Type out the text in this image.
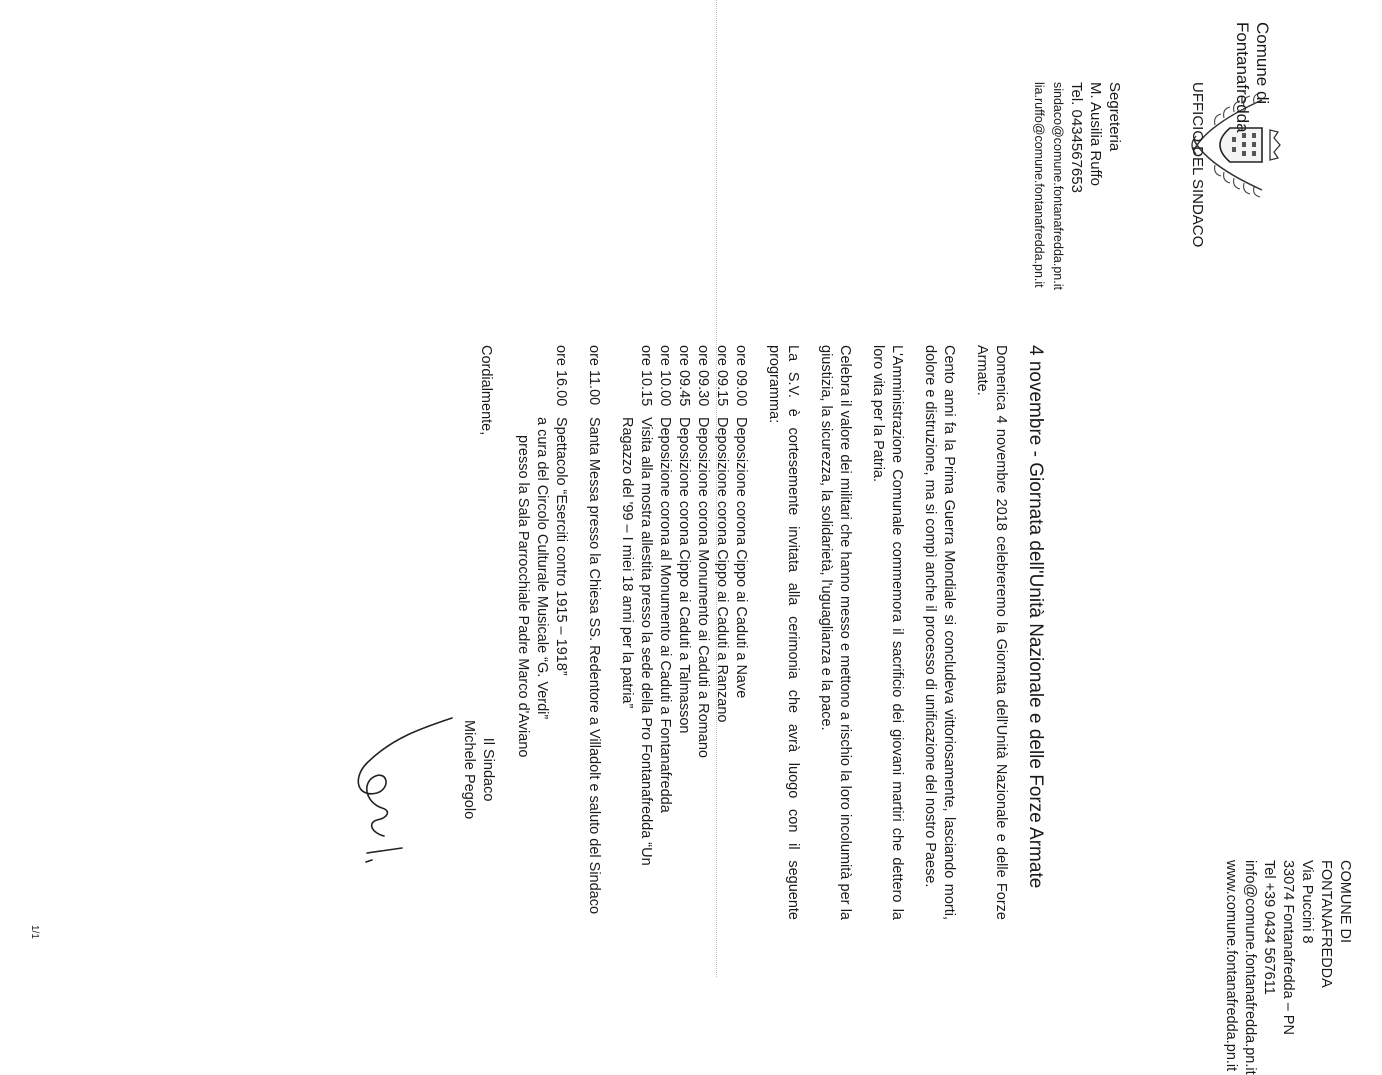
Comune di
Fontanafredda
UFFICIO DEL SINDACO
Segreteria
M. Ausilia Ruffo
Tel. 0434567653
sindaco@comune.fontanafredda.pn.it
lia.ruffo@comune.fontanafredda.pn.it
COMUNE DI FONTANAFREDDA
Via Puccini 8
33074 Fontanafredda – PN
Tel +39 0434 567611
info@comune.fontanafredda.pn.it
www.comune.fontanafredda.pn.it
4 novembre - Giornata dell'Unità Nazionale e delle Forze Armate
Domenica 4 novembre 2018 celebreremo la Giornata dell'Unità Nazionale e delle Forze Armate.
Cento anni fa la Prima Guerra Mondiale si concludeva vittoriosamente, lasciando morti, dolore e distruzione, ma si compì anche il processo di unificazione del nostro Paese.
L'Amministrazione Comunale commemora il sacrificio dei giovani martiri che dettero la loro vita per la Patria.
Celebra il valore dei militari che hanno messo e mettono a rischio la loro incolumità per la giustizia, la sicurezza, la solidarietà, l'uguaglianza e la pace.
La S.V. è cortesemente invitata alla cerimonia che avrà luogo con il seguente programma:
ore 09.00
Deposizione corona Cippo ai Caduti a Nave
ore 09.15
Deposizione corona Cippo ai Caduti a Ranzano
ore 09.30
Deposizione corona Monumento ai Caduti a Romano
ore 09.45
Deposizione corona Cippo ai Caduti a Talmasson
ore 10.00
Deposizione corona al Monumento ai Caduti a Fontanafredda
ore 10.15
Visita alla mostra allestita presso la sede della Pro Fontanafredda “Un Ragazzo del '99 – I miei 18 anni per la patria”
ore 11.00
Santa Messa presso la Chiesa SS. Redentore a Villadolt e saluto del Sindaco
ore 16.00
Spettacolo “Eserciti contro 1915 – 1918”
a cura del Circolo Culturale Musicale “G. Verdi”
presso la Sala Parrocchiale Padre Marco d'Aviano
Cordialmente,
Il Sindaco
Michele Pegolo
1/1
